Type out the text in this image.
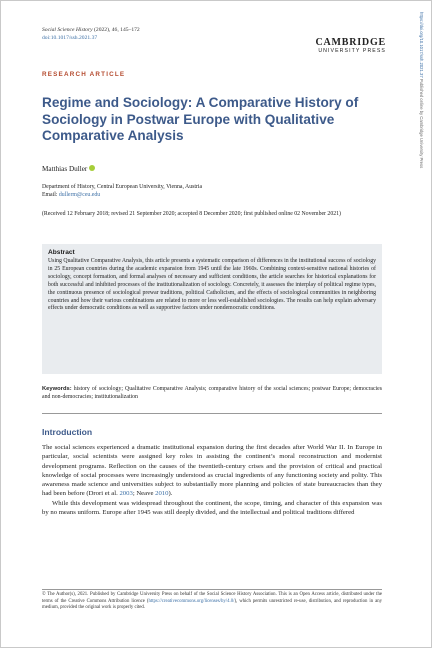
https://doi.org/10.1017/ssh.2021.37 Published online by Cambridge University Press
Social Science History (2022), 46, 145–172
doi:10.1017/ssh.2021.37	CAMBRIDGE
UNIVERSITY PRESS
RESEARCH ARTICLE
Regime and Sociology: A Comparative History of Sociology in Postwar Europe with Qualitative Comparative Analysis
Matthias Duller
Department of History, Central European University, Vienna, Austria
Email: dullerm@ceu.edu
(Received 12 February 2018; revised 21 September 2020; accepted 8 December 2020; first published online 02 November 2021)
Abstract
Using Qualitative Comparative Analysis, this article presents a systematic comparison of differences in the institutional success of sociology in 25 European countries during the academic expansion from 1945 until the late 1960s. Combining context-sensitive national histories of sociology, concept formation, and formal analyses of necessary and sufficient conditions, the article searches for historical explanations for both successful and inhibited processes of the institutionalization of sociology. Concretely, it assesses the interplay of political regime types, the continuous presence of sociological prewar traditions, political Catholicism, and the effects of sociological communities in neighboring countries and how their various combinations are related to more or less well-established sociologies. The results can help explain adversary effects under democratic conditions as well as supportive factors under nondemocratic conditions.
Keywords: history of sociology; Qualitative Comparative Analysis; comparative history of the social sciences; postwar Europe; democracies and non-democracies; institutionalization
Introduction

The social sciences experienced a dramatic institutional expansion during the first decades after World War II. In Europe in particular, social scientists were assigned key roles in assisting the continent’s moral reconstruction and modernist development programs. Reflection on the causes of the twentieth-century crises and the provision of critical and practical knowledge of social processes were increasingly understood as crucial ingredients of any functioning society and polity. This awareness made science and universities subject to substantially more planning and policies of state bureaucracies than they had been before (Drori et al. 2003; Neave 2010).

While this development was widespread throughout the continent, the scope, timing, and character of this expansion was by no means uniform. Europe after 1945 was still deeply divided, and the intellectual and political traditions differed

© The Author(s), 2021. Published by Cambridge University Press on behalf of the Social Science History Association. This is an Open Access article, distributed under the terms of the Creative Commons Attribution licence (https://creativecommons.org/licenses/by/4.0/), which permits unrestricted re-use, distribution, and reproduction in any medium, provided the original work is properly cited.
